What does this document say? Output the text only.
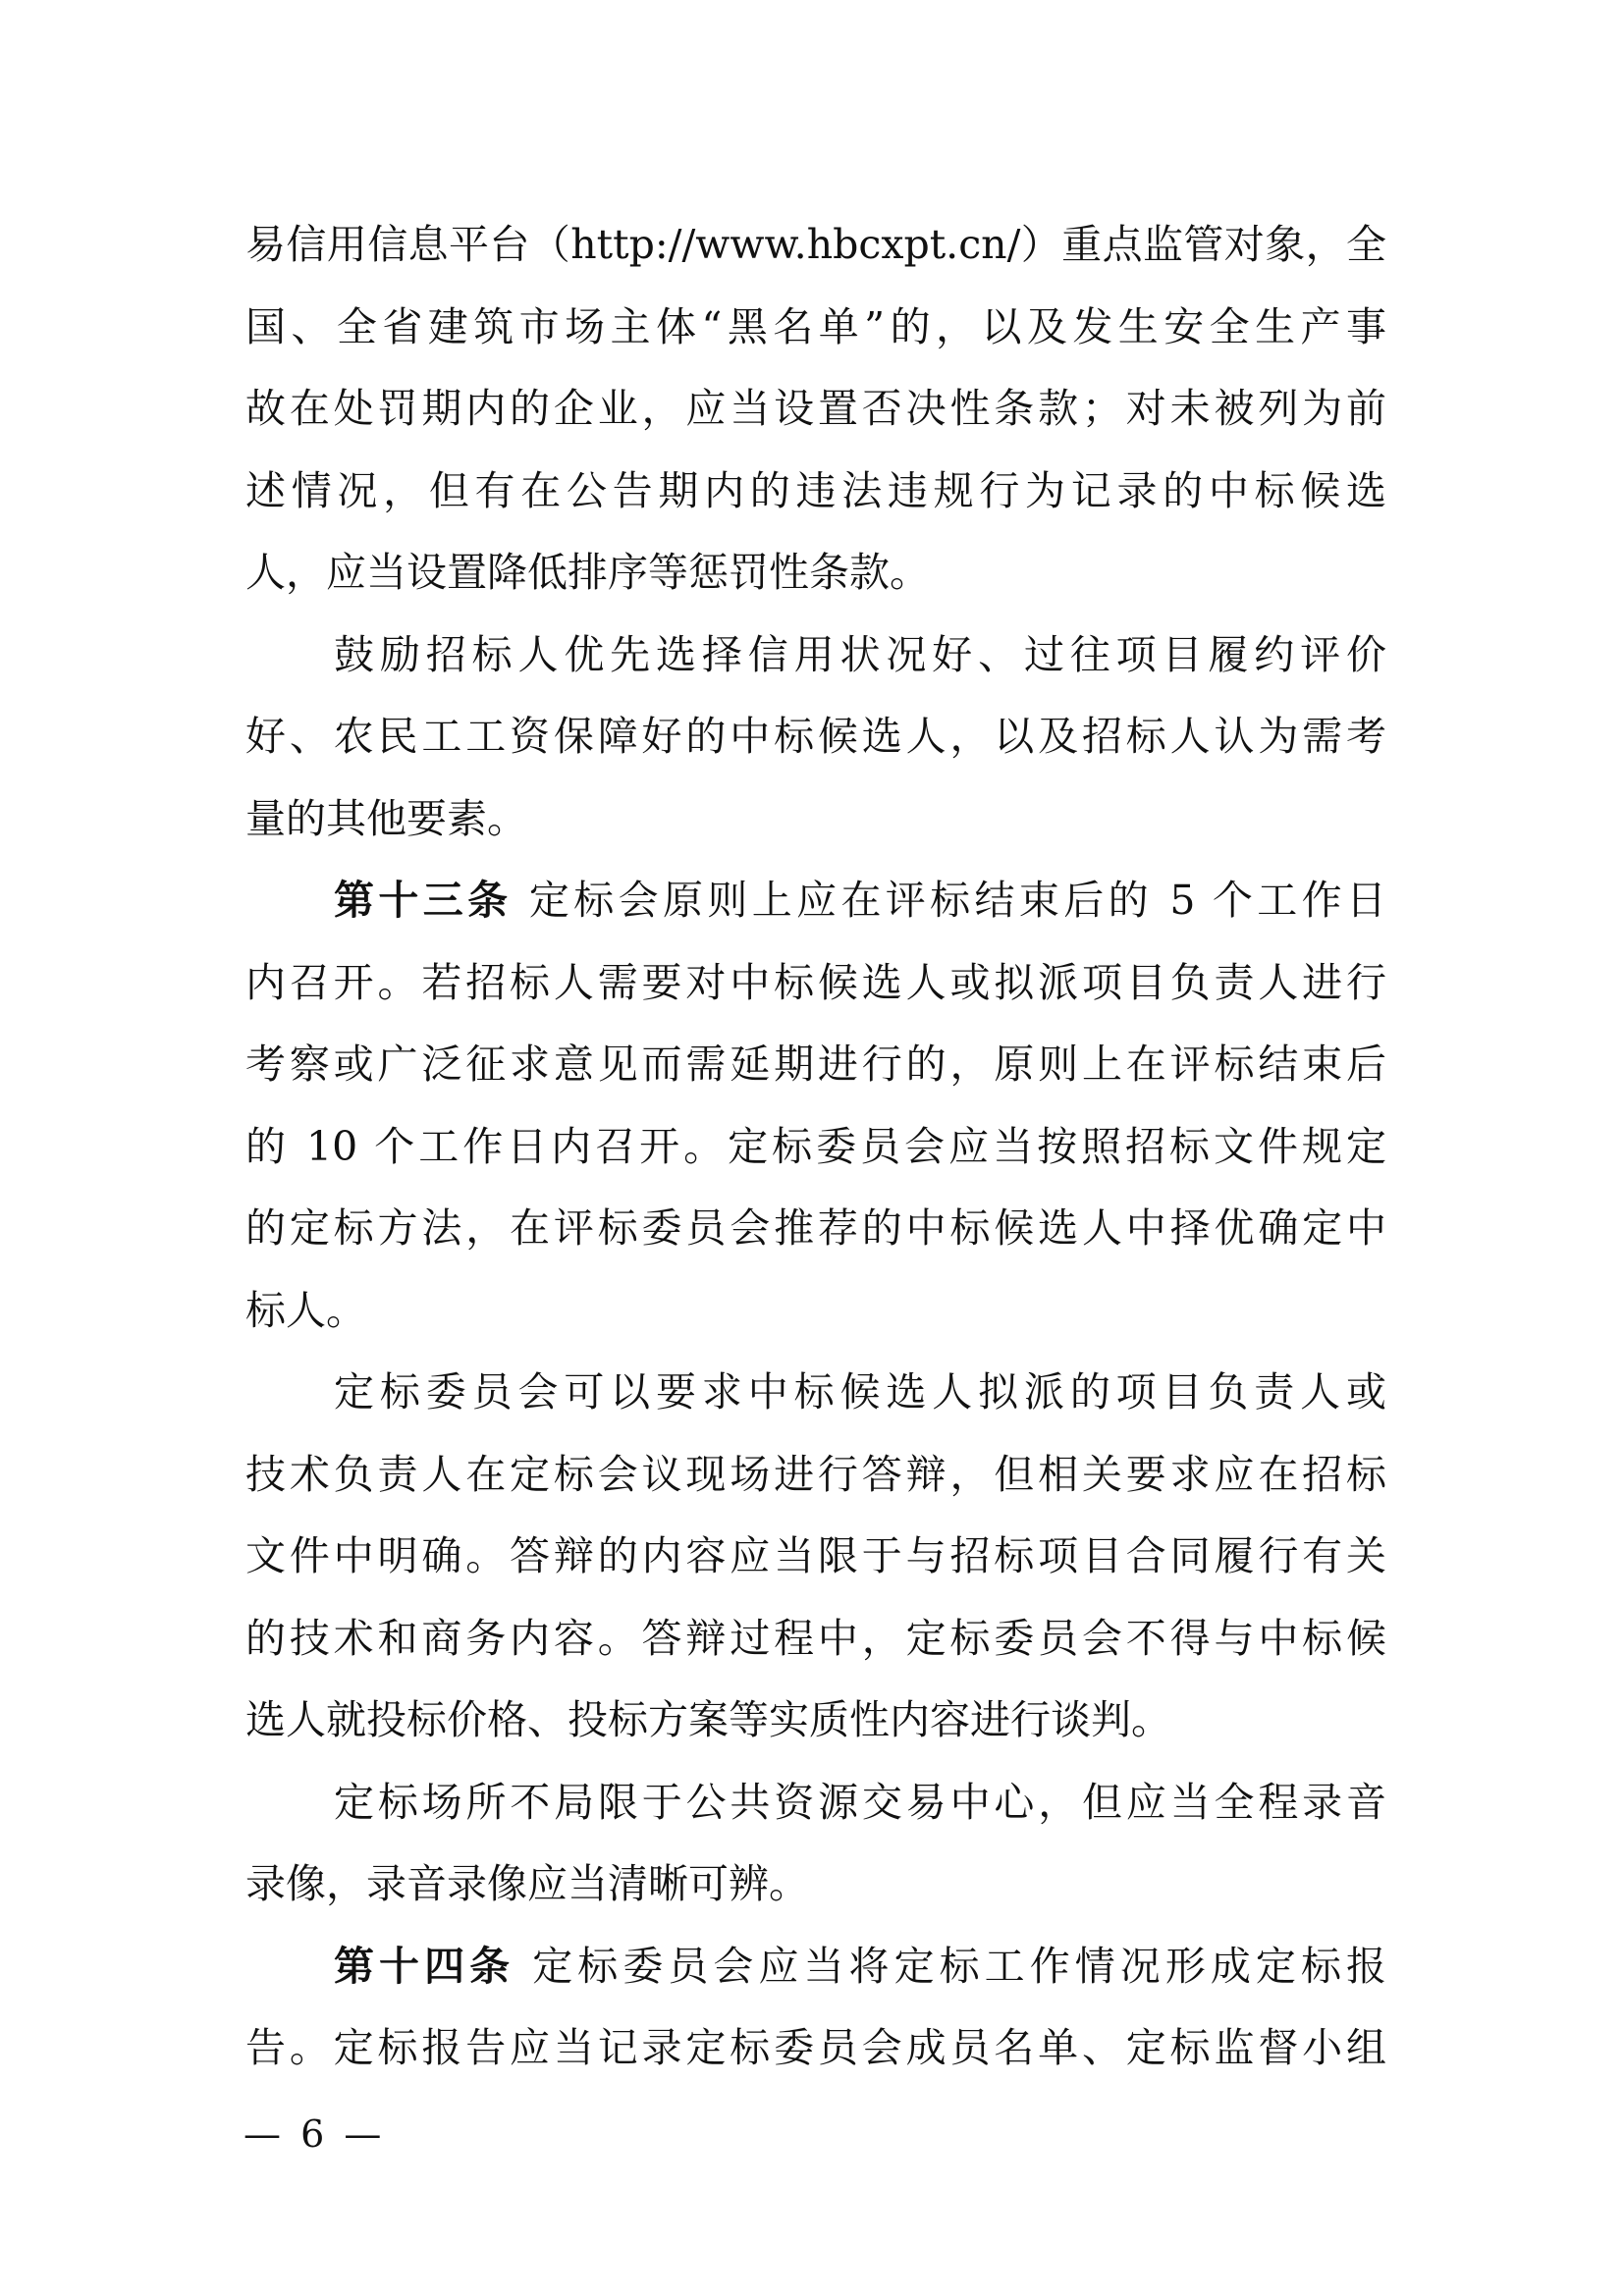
易信用信息平台（http://www.hbcxpt.cn/）重点监管对象，全
国、全省建筑市场主体“黑名单”的，以及发生安全生产事
故在处罚期内的企业，应当设置否决性条款；对未被列为前
述情况，但有在公告期内的违法违规行为记录的中标候选
人，应当设置降低排序等惩罚性条款。
鼓励招标人优先选择信用状况好、过往项目履约评价
好、农民工工资保障好的中标候选人，以及招标人认为需考
量的其他要素。
第十三条 定标会原则上应在评标结束后的 5 个工作日
内召开。若招标人需要对中标候选人或拟派项目负责人进行
考察或广泛征求意见而需延期进行的，原则上在评标结束后
的 10 个工作日内召开。定标委员会应当按照招标文件规定
的定标方法，在评标委员会推荐的中标候选人中择优确定中
标人。
定标委员会可以要求中标候选人拟派的项目负责人或
技术负责人在定标会议现场进行答辩，但相关要求应在招标
文件中明确。答辩的内容应当限于与招标项目合同履行有关
的技术和商务内容。答辩过程中，定标委员会不得与中标候
选人就投标价格、投标方案等实质性内容进行谈判。
定标场所不局限于公共资源交易中心，但应当全程录音
录像，录音录像应当清晰可辨。
第十四条 定标委员会应当将定标工作情况形成定标报
告。定标报告应当记录定标委员会成员名单、定标监督小组
— 6 —
